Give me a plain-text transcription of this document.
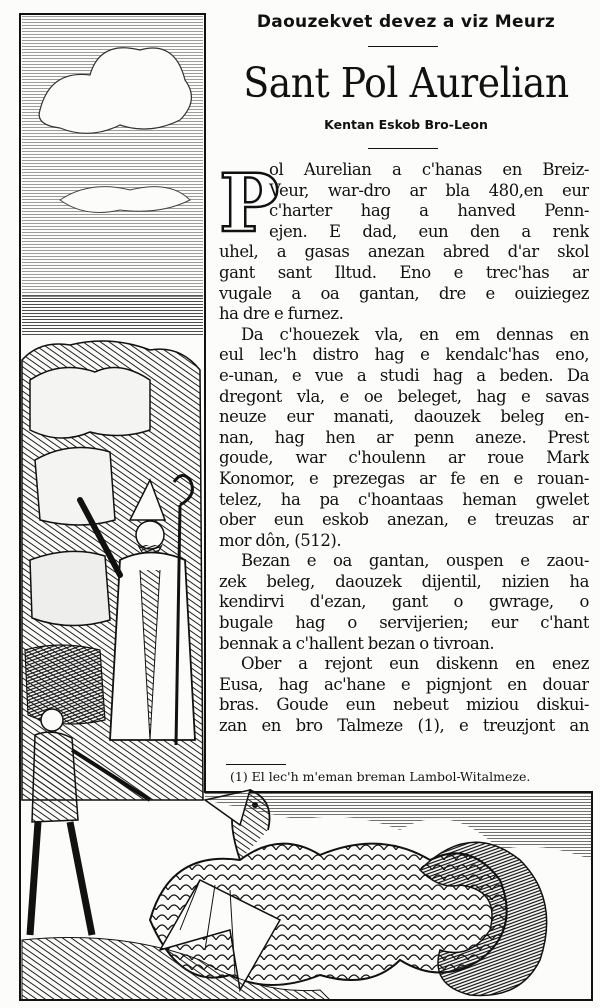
Daouzekvet devez a viz Meurz
Sant Pol Aurelian
Kentan Eskob Bro-Leon
P
ol Aurelian a c'hanas en Breiz-
Veur, war-dro ar bla 480,en eur
c'harter hag a hanved Penn-
ejen. E dad, eun den a renk
uhel, a gasas anezan abred d'ar skol
gant sant Iltud. Eno e trec'has ar
vugale a oa gantan, dre e ouiziegez
ha dre e furnez.
Da c'houezek vla, en em dennas en
eul lec'h distro hag e kendalc'has eno,
e-unan, e vue a studi hag a beden. Da
dregont vla, e oe beleget, hag e savas
neuze eur manati, daouzek beleg en-
nan, hag hen ar penn aneze. Prest
goude, war c'houlenn ar roue Mark
Konomor, e prezegas ar fe en e rouan-
telez, ha pa c'hoantaas heman gwelet
ober eun eskob anezan, e treuzas ar
mor dôn, (512).
Bezan e oa gantan, ouspen e zaou-
zek beleg, daouzek dijentil, nizien ha
kendirvi d'ezan, gant o gwrage, o
bugale hag o servijerien; eur c'hant
bennak a c'hallent bezan o tivroan.
Ober a rejont eun diskenn en enez
Eusa, hag ac'hane e pignjont en douar
bras. Goude eun nebeut miziou diskui-
zan en bro Talmeze (1), e treuzjont an
(1) El lec'h m'eman breman Lambol-Witalmeze.
